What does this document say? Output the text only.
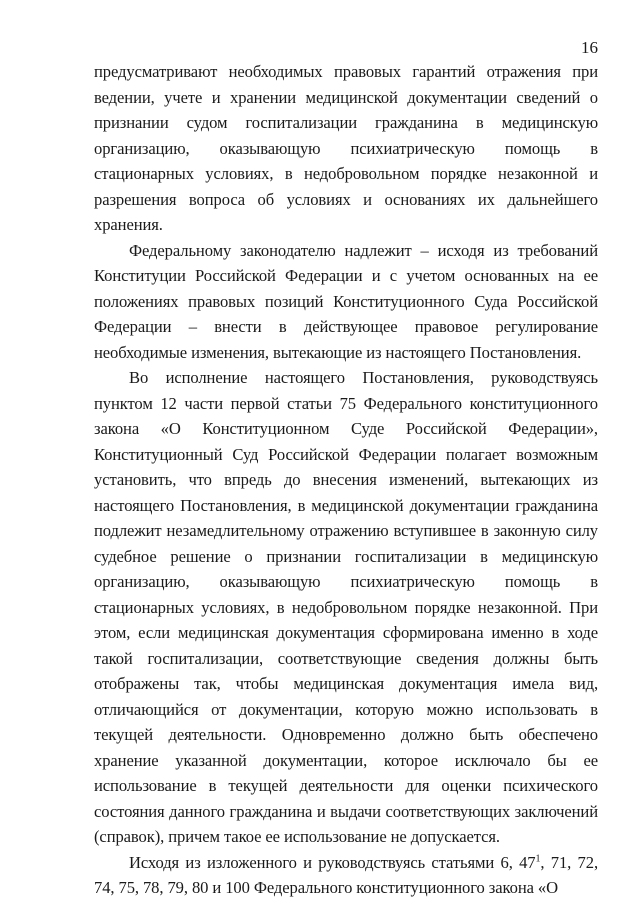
16

предусматривают необходимых правовых гарантий отражения при ведении, учете и хранении медицинской документации сведений о признании судом госпитализации гражданина в медицинскую организацию, оказывающую психиатрическую помощь в стационарных условиях, в недобровольном порядке незаконной и разрешения вопроса об условиях и основаниях их дальнейшего хранения.

Федеральному законодателю надлежит – исходя из требований Конституции Российской Федерации и с учетом основанных на ее положениях правовых позиций Конституционного Суда Российской Федерации – внести в действующее правовое регулирование необходимые изменения, вытекающие из настоящего Постановления.

Во исполнение настоящего Постановления, руководствуясь пунктом 12 части первой статьи 75 Федерального конституционного закона «О Конституционном Суде Российской Федерации», Конституционный Суд Российской Федерации полагает возможным установить, что впредь до внесения изменений, вытекающих из настоящего Постановления, в медицинской документации гражданина подлежит незамедлительному отражению вступившее в законную силу судебное решение о признании госпитализации в медицинскую организацию, оказывающую психиатрическую помощь в стационарных условиях, в недобровольном порядке незаконной. При этом, если медицинская документация сформирована именно в ходе такой госпитализации, соответствующие сведения должны быть отображены так, чтобы медицинская документация имела вид, отличающийся от документации, которую можно использовать в текущей деятельности. Одновременно должно быть обеспечено хранение указанной документации, которое исключало бы ее использование в текущей деятельности для оценки психического состояния данного гражданина и выдачи соответствующих заключений (справок), причем такое ее использование не допускается.

Исходя из изложенного и руководствуясь статьями 6, $47^1$, 71, 72, 74, 75, 78, 79, 80 и 100 Федерального конституционного закона «О
